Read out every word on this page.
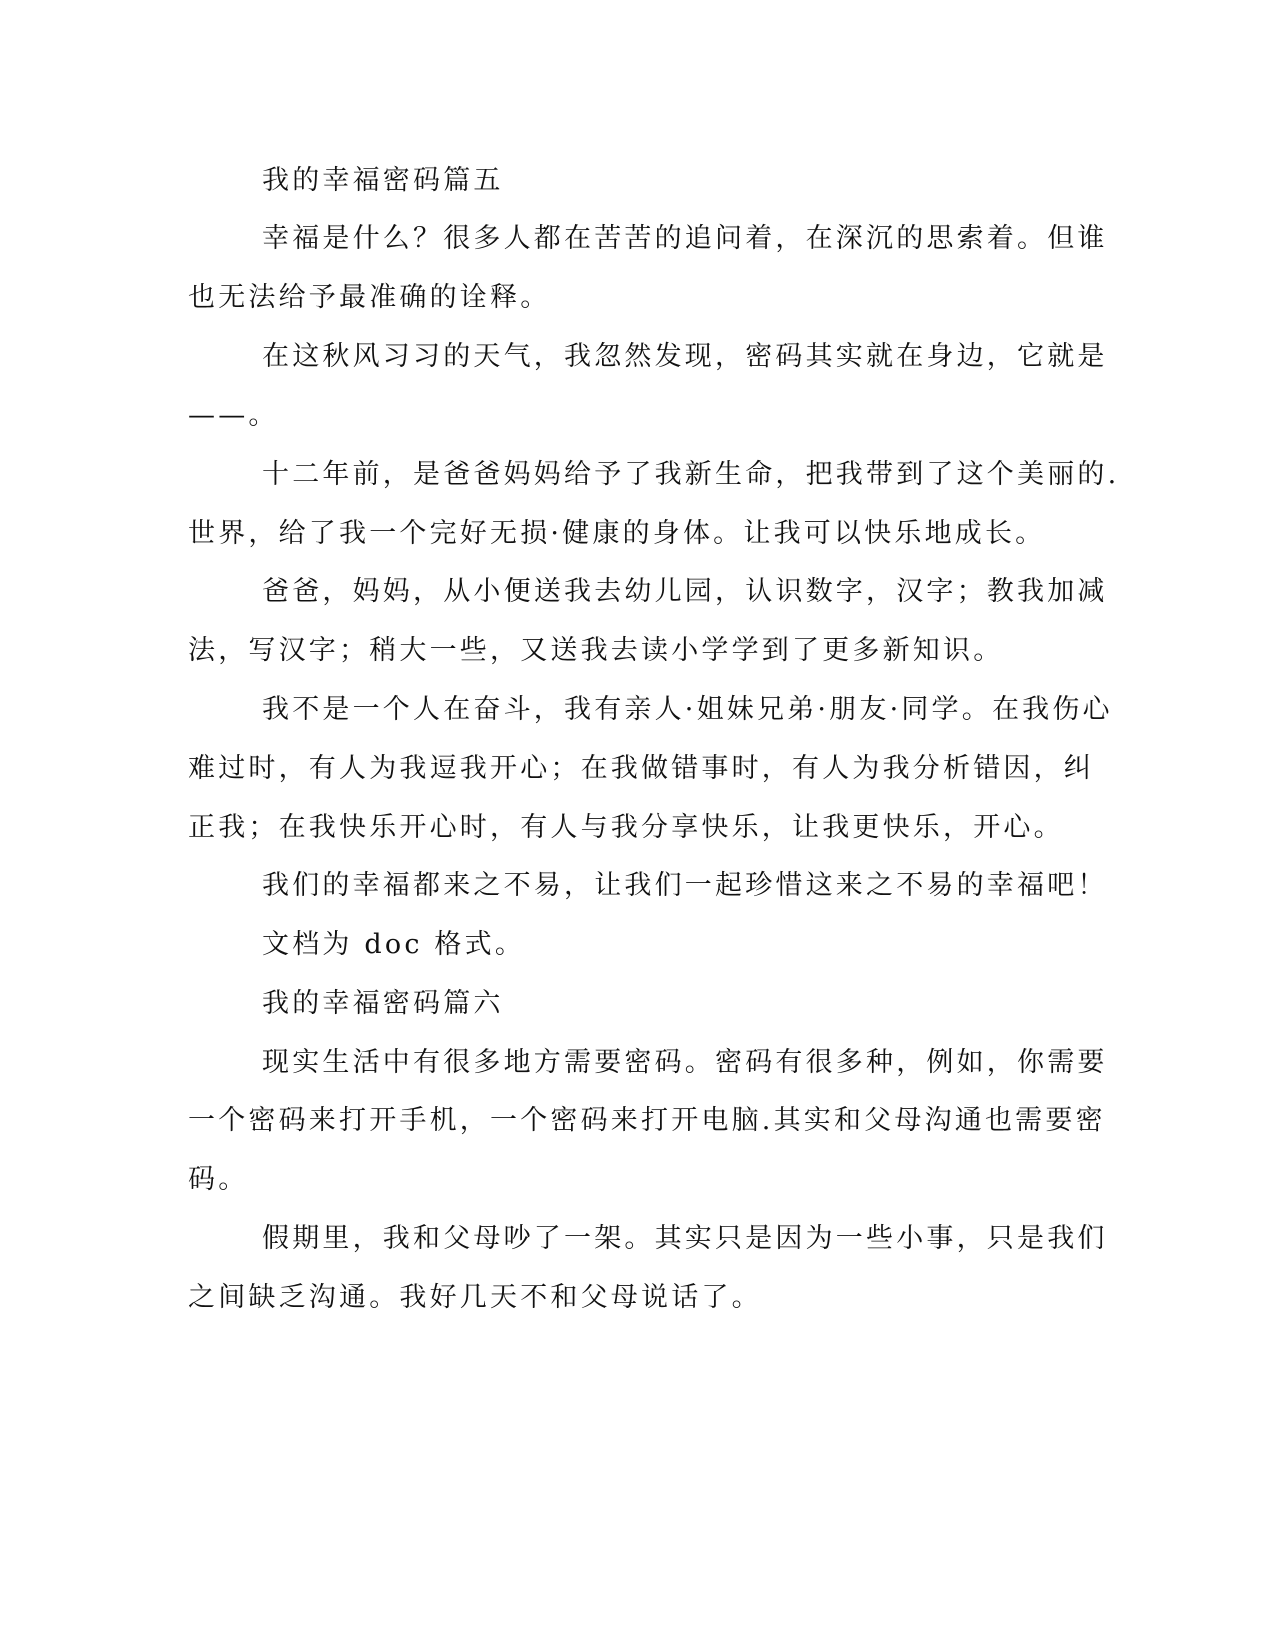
我的幸福密码篇五
幸福是什么？很多人都在苦苦的追问着，在深沉的思索着。但谁
也无法给予最准确的诠释。
在这秋风习习的天气，我忽然发现，密码其实就在身边，它就是
——。
十二年前，是爸爸妈妈给予了我新生命，把我带到了这个美丽的.
世界，给了我一个完好无损·健康的身体。让我可以快乐地成长。
爸爸，妈妈，从小便送我去幼儿园，认识数字，汉字；教我加减
法，写汉字；稍大一些，又送我去读小学学到了更多新知识。
我不是一个人在奋斗，我有亲人·姐妹兄弟·朋友·同学。在我伤心
难过时，有人为我逗我开心；在我做错事时，有人为我分析错因，纠
正我；在我快乐开心时，有人与我分享快乐，让我更快乐，开心。
我们的幸福都来之不易，让我们一起珍惜这来之不易的幸福吧！
文档为 doc 格式。
我的幸福密码篇六
现实生活中有很多地方需要密码。密码有很多种，例如，你需要
一个密码来打开手机，一个密码来打开电脑.其实和父母沟通也需要密
码。
假期里，我和父母吵了一架。其实只是因为一些小事，只是我们
之间缺乏沟通。我好几天不和父母说话了。
